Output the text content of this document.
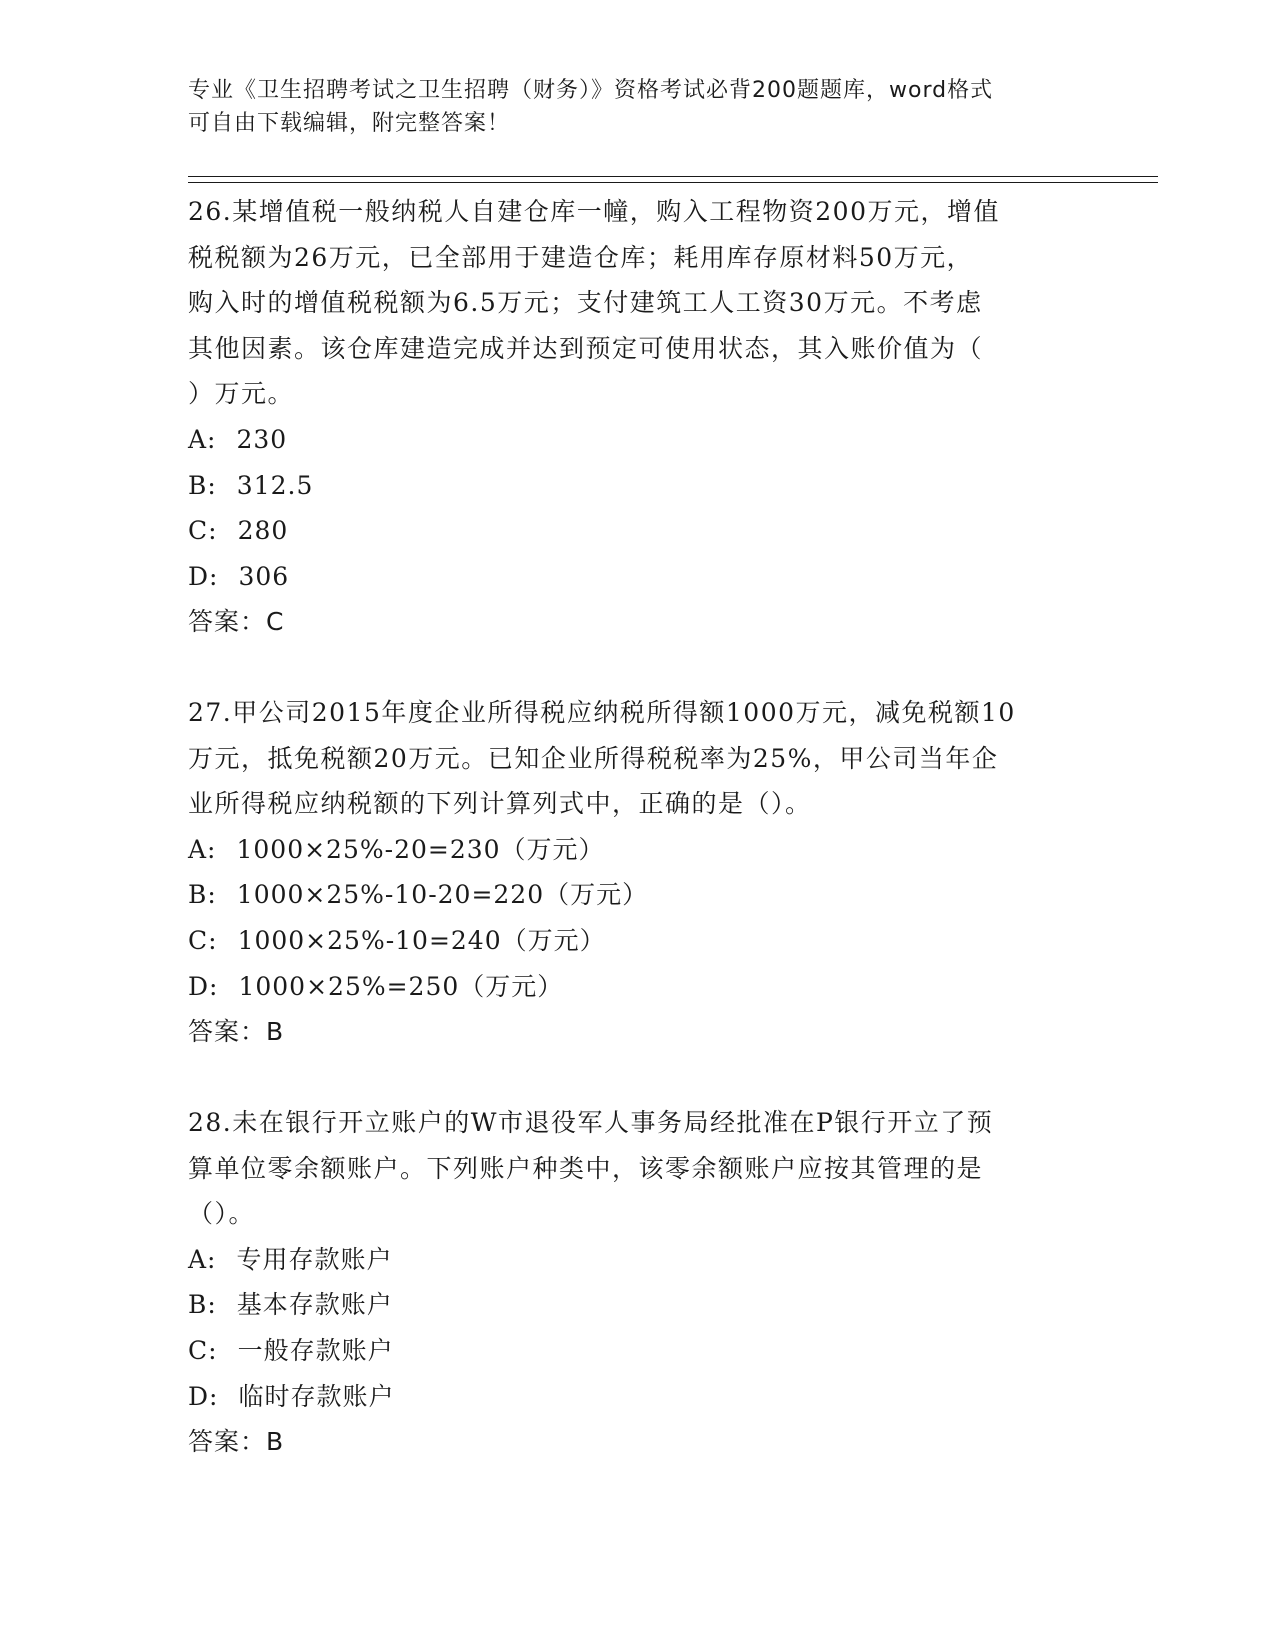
专业《卫生招聘考试之卫生招聘（财务）》资格考试必背200题题库，word格式
可自由下载编辑，附完整答案！
26.某增值税一般纳税人自建仓库一幢，购入工程物资200万元，增值
税税额为26万元，已全部用于建造仓库；耗用库存原材料50万元，
购入时的增值税税额为6.5万元；支付建筑工人工资30万元。不考虑
其他因素。该仓库建造完成并达到预定可使用状态，其入账价值为（
）万元。
A: 230
B: 312.5
C: 280
D: 306
答案：C
27.甲公司2015年度企业所得税应纳税所得额1000万元，减免税额10
万元，抵免税额20万元。已知企业所得税税率为25%，甲公司当年企
业所得税应纳税额的下列计算列式中，正确的是（）。
A: 1000×25%-20=230（万元）
B: 1000×25%-10-20=220（万元）
C: 1000×25%-10=240（万元）
D: 1000×25%=250（万元）
答案：B
28.未在银行开立账户的W市退役军人事务局经批准在P银行开立了预
算单位零余额账户。下列账户种类中，该零余额账户应按其管理的是
（）。
A: 专用存款账户
B: 基本存款账户
C: 一般存款账户
D: 临时存款账户
答案：B
